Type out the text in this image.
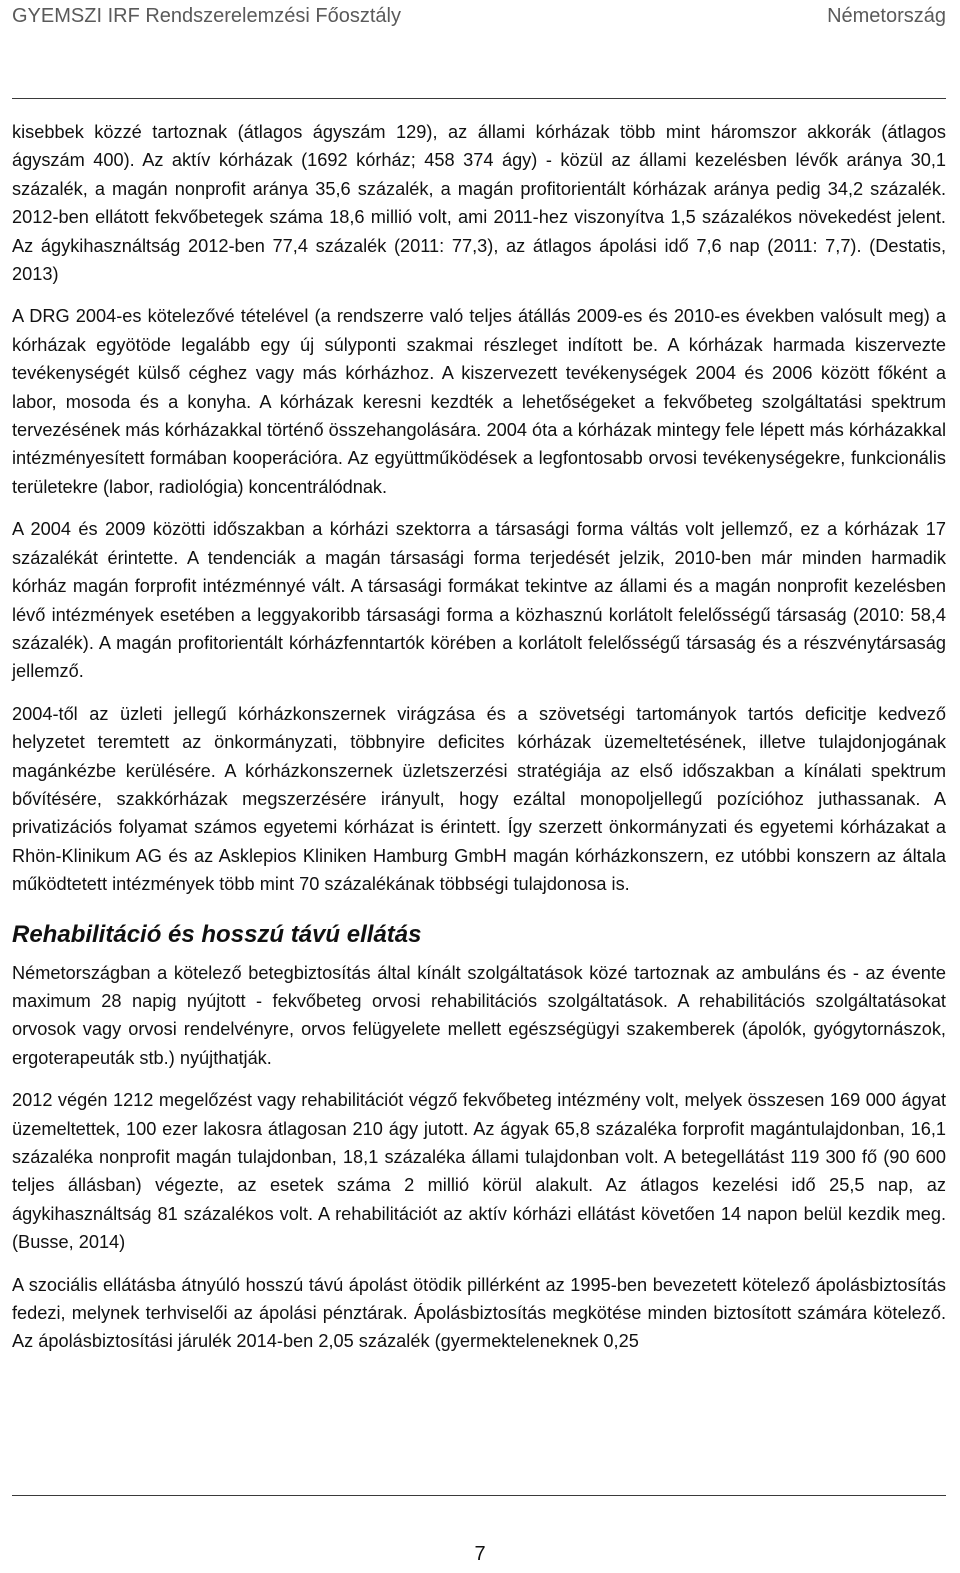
GYEMSZI IRF Rendszerelemzési Főosztály	Németország

kisebbek közzé tartoznak (átlagos ágyszám 129), az állami kórházak több mint háromszor akkorák (átlagos ágyszám 400). Az aktív kórházak (1692 kórház; 458 374 ágy) - közül az állami kezelésben lévők aránya 30,1 százalék, a magán nonprofit aránya 35,6 százalék, a magán profitorientált kórházak aránya pedig 34,2 százalék. 2012-ben ellátott fekvőbetegek száma 18,6 millió volt, ami 2011-hez viszonyítva 1,5 százalékos növekedést jelent. Az ágykihasználtság 2012-ben 77,4 százalék (2011: 77,3), az átlagos ápolási idő 7,6 nap (2011: 7,7). (Destatis, 2013)

A DRG 2004-es kötelezővé tételével (a rendszerre való teljes átállás 2009-es és 2010-es években valósult meg) a kórházak egyötöde legalább egy új súlyponti szakmai részleget indított be. A kórházak harmada kiszervezte tevékenységét külső céghez vagy más kórházhoz. A kiszervezett tevékenységek 2004 és 2006 között főként a labor, mosoda és a konyha. A kórházak keresni kezdték a lehetőségeket a fekvőbeteg szolgáltatási spektrum tervezésének más kórházakkal történő összehangolására. 2004 óta a kórházak mintegy fele lépett más kórházakkal intézményesített formában kooperációra. Az együttműködések a legfontosabb orvosi tevékenységekre, funkcionális területekre (labor, radiológia) koncentrálódnak.

A 2004 és 2009 közötti időszakban a kórházi szektorra a társasági forma váltás volt jellemző, ez a kórházak 17 százalékát érintette. A tendenciák a magán társasági forma terjedését jelzik, 2010-ben már minden harmadik kórház magán forprofit intézménnyé vált. A társasági formákat tekintve az állami és a magán nonprofit kezelésben lévő intézmények esetében a leggyakoribb társasági forma a közhasznú korlátolt felelősségű társaság (2010: 58,4 százalék). A magán profitorientált kórházfenntartók körében a korlátolt felelősségű társaság és a részvénytársaság jellemző.

2004-től az üzleti jellegű kórházkonszernek virágzása és a szövetségi tartományok tartós deficitje kedvező helyzetet teremtett az önkormányzati, többnyire deficites kórházak üzemeltetésének, illetve tulajdonjogának magánkézbe kerülésére. A kórházkonszernek üzletszerzési stratégiája az első időszakban a kínálati spektrum bővítésére, szakkórházak megszerzésére irányult, hogy ezáltal monopoljellegű pozícióhoz juthassanak. A privatizációs folyamat számos egyetemi kórházat is érintett. Így szerzett önkormányzati és egyetemi kórházakat a Rhön-Klinikum AG és az Asklepios Kliniken Hamburg GmbH magán kórházkonszern, ez utóbbi konszern az általa működtetett intézmények több mint 70 százalékának többségi tulajdonosa is.

Rehabilitáció és hosszú távú ellátás

Németországban a kötelező betegbiztosítás által kínált szolgáltatások közé tartoznak az ambuláns és - az évente maximum 28 napig nyújtott - fekvőbeteg orvosi rehabilitációs szolgáltatások. A rehabilitációs szolgáltatásokat orvosok vagy orvosi rendelvényre, orvos felügyelete mellett egészségügyi szakemberek (ápolók, gyógytornászok, ergoterapeuták stb.) nyújthatják.

2012 végén 1212 megelőzést vagy rehabilitációt végző fekvőbeteg intézmény volt, melyek összesen 169 000 ágyat üzemeltettek, 100 ezer lakosra átlagosan 210 ágy jutott. Az ágyak 65,8 százaléka forprofit magántulajdonban, 16,1 százaléka nonprofit magán tulajdonban, 18,1 százaléka állami tulajdonban volt. A betegellátást 119 300 fő (90 600 teljes állásban) végezte, az esetek száma 2 millió körül alakult. Az átlagos kezelési idő 25,5 nap, az ágykihasználtság 81 százalékos volt. A rehabilitációt az aktív kórházi ellátást követően 14 napon belül kezdik meg. (Busse, 2014)

A szociális ellátásba átnyúló hosszú távú ápolást ötödik pillérként az 1995-ben bevezetett kötelező ápolásbiztosítás fedezi, melynek terhviselői az ápolási pénztárak. Ápolásbiztosítás megkötése minden biztosított számára kötelező. Az ápolásbiztosítási járulék 2014-ben 2,05 százalék (gyermekteleneknek 0,25

7
